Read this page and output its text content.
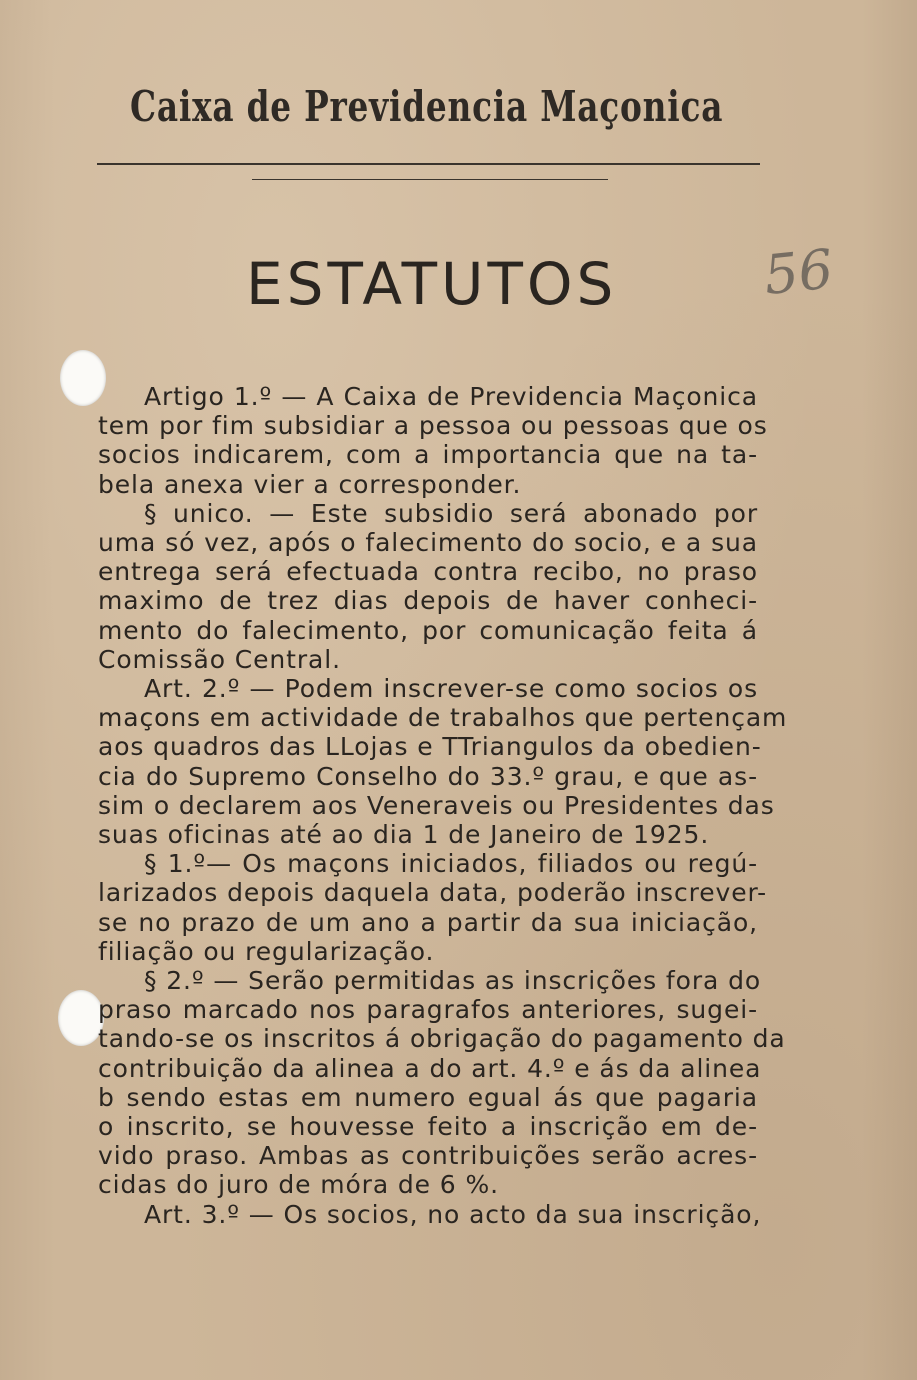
Caixa de Previdencia Maçonica
ESTATUTOS	56
Artigo 1.º — A Caixa de Previdencia Maçonica
tem por fim subsidiar a pessoa ou pessoas que os
socios indicarem, com a importancia que na ta-
bela anexa vier a corresponder.
§ unico. — Este subsidio será abonado por
uma só vez, após o falecimento do socio, e a sua
entrega será efectuada contra recibo, no praso
maximo de trez dias depois de haver conheci-
mento do falecimento, por comunicação feita á
Comissão Central.
Art. 2.º — Podem inscrever-se como socios os
maçons em actividade de trabalhos que pertençam
aos quadros das LLojas e TTriangulos da obedien-
cia do Supremo Conselho do 33.º grau, e que as-
sim o declarem aos Veneraveis ou Presidentes das
suas oficinas até ao dia 1 de Janeiro de 1925.
§ 1.º— Os maçons iniciados, filiados ou regú-
larizados depois daquela data, poderão inscrever-
se no prazo de um ano a partir da sua iniciação,
filiação ou regularização.
§ 2.º — Serão permitidas as inscrições fora do
praso marcado nos paragrafos anteriores, sugei-
tando-se os inscritos á obrigação do pagamento da
contribuição da alinea a do art. 4.º e ás da alinea
b sendo estas em numero egual ás que pagaria
o inscrito, se houvesse feito a inscrição em de-
vido praso. Ambas as contribuições serão acres-
cidas do juro de móra de 6 %.
Art. 3.º — Os socios, no acto da sua inscrição,
